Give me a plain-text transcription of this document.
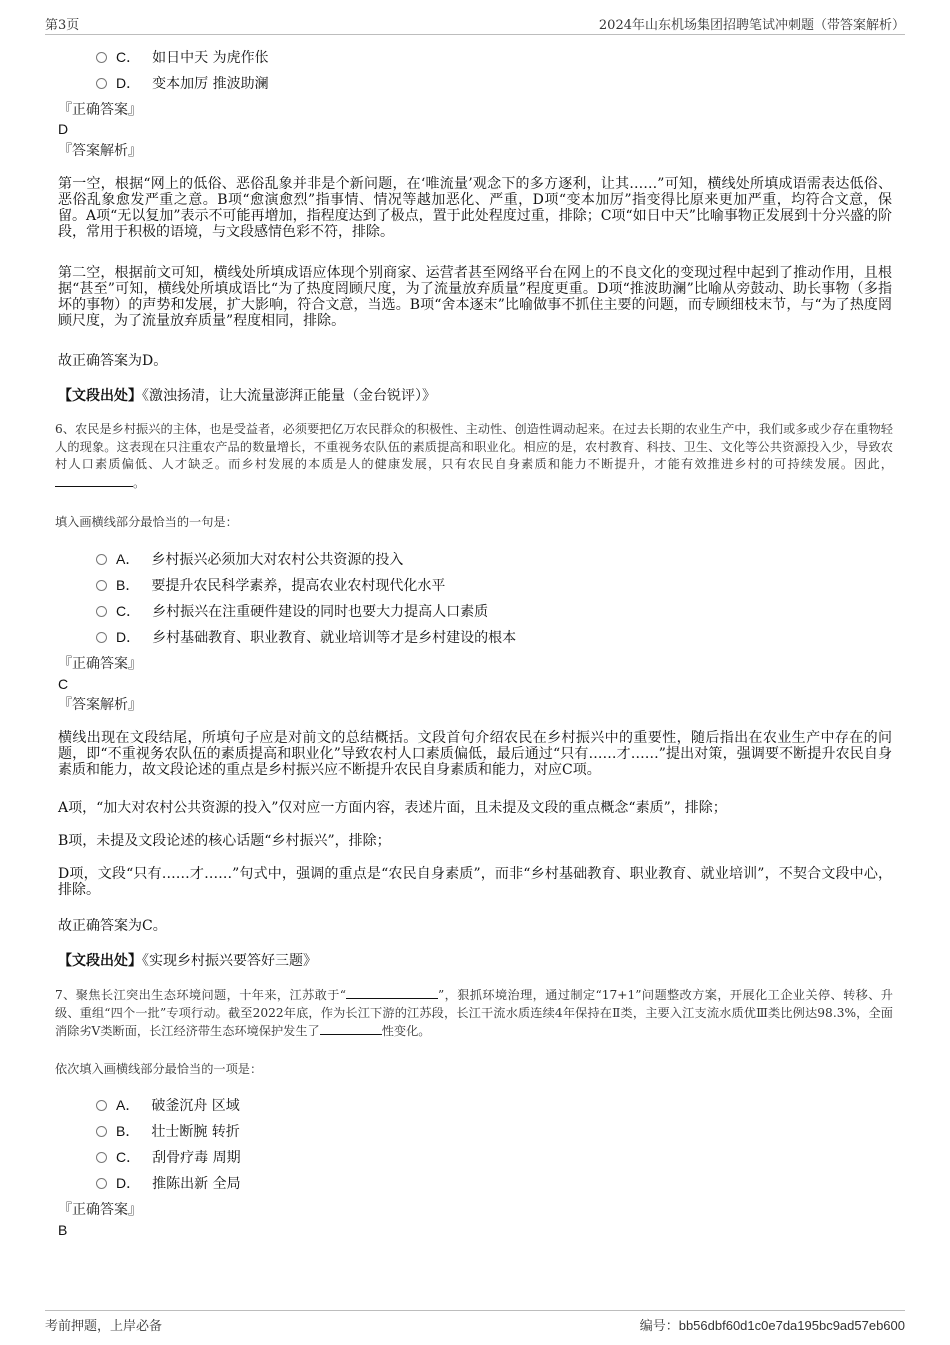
第3页	2024年山东机场集团招聘笔试冲刺题（带答案解析）
C． 如日中天 为虎作伥
D． 变本加厉 推波助澜
『正确答案』
D
『答案解析』

第一空，根据“网上的低俗、恶俗乱象并非是个新问题，在‘唯流量’观念下的多方逐利，让其……”可知，横线处所填成语需表达低俗、恶俗乱象愈发严重之意。B项“愈演愈烈”指事情、情况等越加恶化、严重，D项“变本加厉”指变得比原来更加严重，均符合文意，保留。A项“无以复加”表示不可能再增加，指程度达到了极点，置于此处程度过重，排除；C项“如日中天”比喻事物正发展到十分兴盛的阶段，常用于积极的语境，与文段感情色彩不符，排除。

第二空，根据前文可知，横线处所填成语应体现个别商家、运营者甚至网络平台在网上的不良文化的变现过程中起到了推动作用，且根据“甚至”可知，横线处所填成语比“为了热度罔顾尺度，为了流量放弃质量”程度更重。D项“推波助澜”比喻从旁鼓动、助长事物（多指坏的事物）的声势和发展，扩大影响，符合文意，当选。B项“舍本逐末”比喻做事不抓住主要的问题，而专顾细枝末节，与“为了热度罔顾尺度，为了流量放弃质量”程度相同，排除。

故正确答案为D。

【文段出处】《激浊扬清，让大流量澎湃正能量（金台锐评）》

6、农民是乡村振兴的主体，也是受益者，必须要把亿万农民群众的积极性、主动性、创造性调动起来。在过去长期的农业生产中，我们或多或少存在重物轻人的现象。这表现在只注重农产品的数量增长，不重视务农队伍的素质提高和职业化。相应的是，农村教育、科技、卫生、文化等公共资源投入少，导致农村人口素质偏低、人才缺乏。而乡村发展的本质是人的健康发展，只有农民自身素质和能力不断提升，才能有效推进乡村的可持续发展。因此，。

填入画横线部分最恰当的一句是：
A． 乡村振兴必须加大对农村公共资源的投入
B． 要提升农民科学素养，提高农业农村现代化水平
C． 乡村振兴在注重硬件建设的同时也要大力提高人口素质
D． 乡村基础教育、职业教育、就业培训等才是乡村建设的根本
『正确答案』
C
『答案解析』

横线出现在文段结尾，所填句子应是对前文的总结概括。文段首句介绍农民在乡村振兴中的重要性，随后指出在农业生产中存在的问题，即“不重视务农队伍的素质提高和职业化”导致农村人口素质偏低，最后通过“只有……才……”提出对策，强调要不断提升农民自身素质和能力，故文段论述的重点是乡村振兴应不断提升农民自身素质和能力，对应C项。

A项，“加大对农村公共资源的投入”仅对应一方面内容，表述片面，且未提及文段的重点概念“素质”，排除；

B项，未提及文段论述的核心话题“乡村振兴”，排除；

D项，文段“只有……才……”句式中，强调的重点是“农民自身素质”，而非“乡村基础教育、职业教育、就业培训”，不契合文段中心，排除。

故正确答案为C。

【文段出处】《实现乡村振兴要答好三题》

7、聚焦长江突出生态环境问题，十年来，江苏敢于“	”，狠抓环境治理，通过制定“17+1”问题整改方案，开展化工企业关停、转移、升级、重组“四个一批”专项行动。截至2022年底，作为长江下游的江苏段，长江干流水质连续4年保持在Ⅱ类，主要入江支流水质优Ⅲ类比例达98.3%，全面消除劣Ⅴ类断面，长江经济带生态环境保护发生了	性变化。

依次填入画横线部分最恰当的一项是：
A． 破釜沉舟 区域
B． 壮士断腕 转折
C． 刮骨疗毒 周期
D． 推陈出新 全局
『正确答案』
B
考前押题，上岸必备	编号：bb56dbf60d1c0e7da195bc9ad57eb600
